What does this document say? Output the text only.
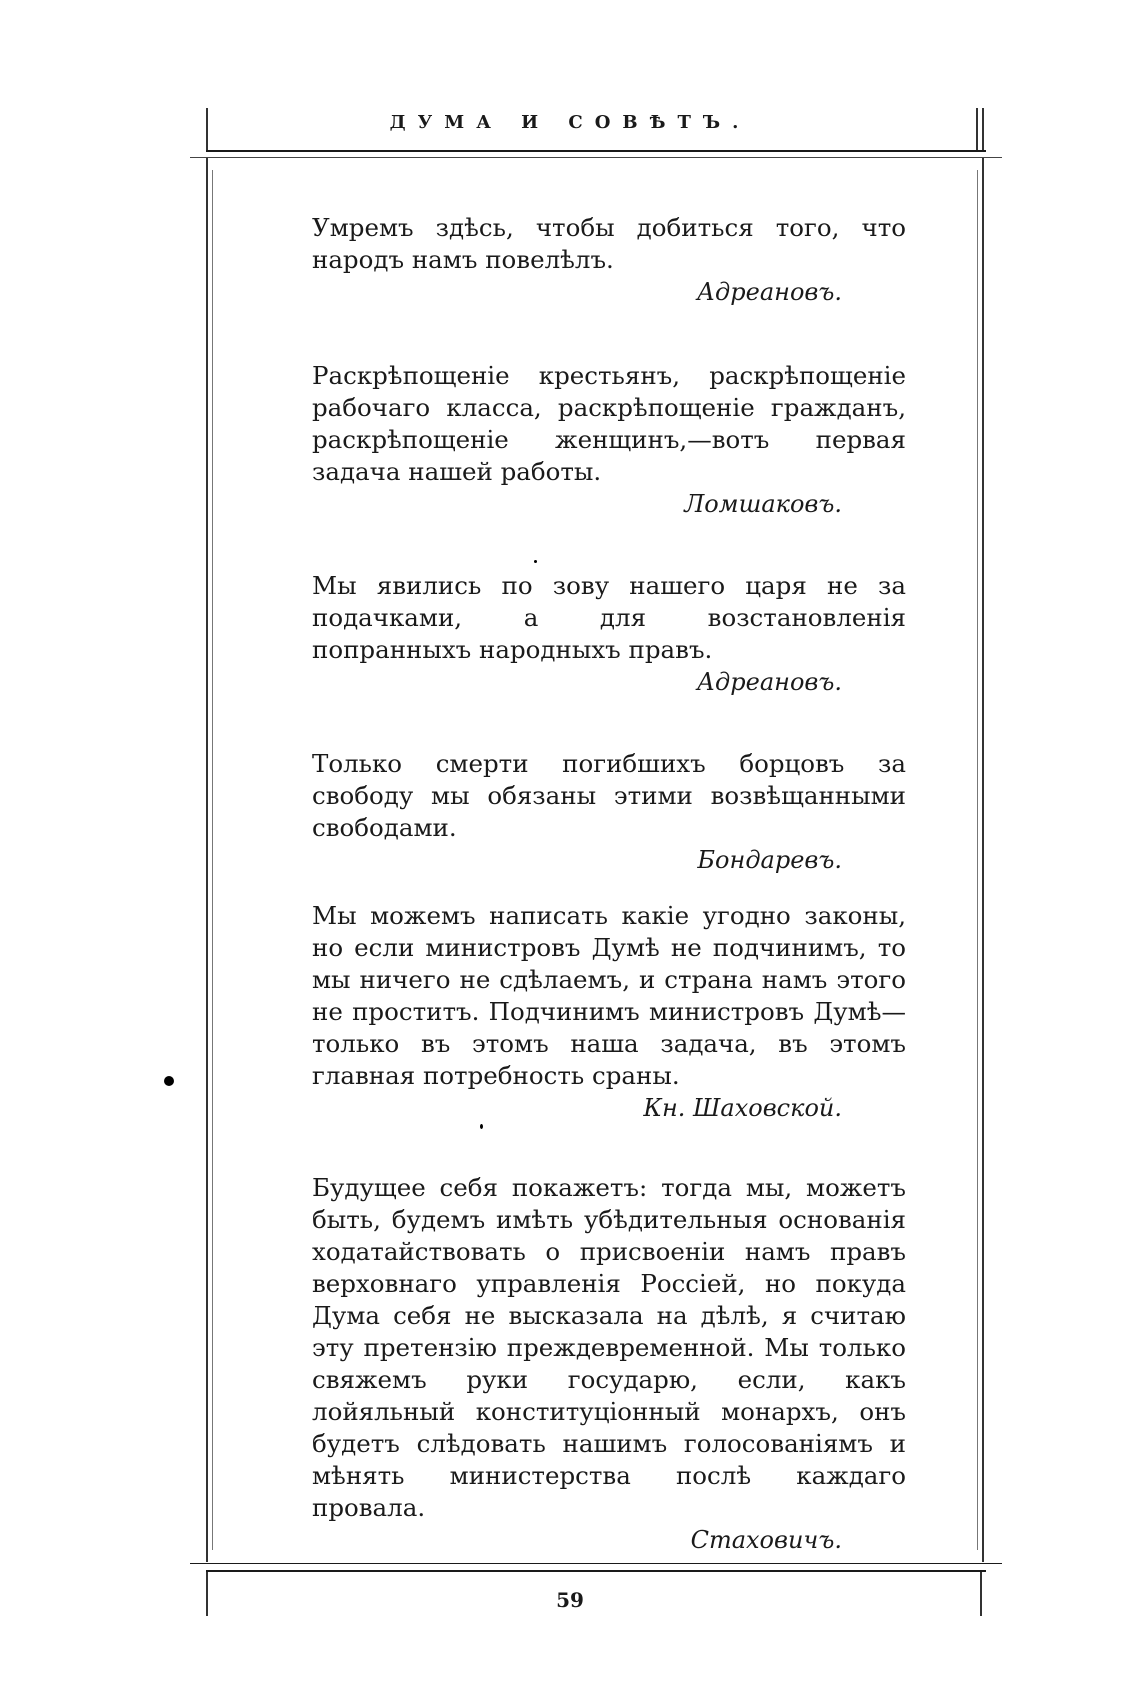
ДУМА И СОВѢТЪ.
Умремъ здѣсь, чтобы добиться того, что народъ намъ повелѣлъ.
Адреановъ.
Раскрѣпощеніе крестьянъ, раскрѣпощеніе рабочаго класса, раскрѣпощеніе гражданъ, раскрѣпощеніе женщинъ,—вотъ первая задача нашей работы.
Ломшаковъ.
Мы явились по зову нашего царя не за подачками, а для возстановленія попранныхъ народныхъ правъ.
Адреановъ.
Только смерти погибшихъ борцовъ за свободу мы обязаны этими возвѣщанными свободами.
Бондаревъ.
Мы можемъ написать какіе угодно законы, но если министровъ Думѣ не подчинимъ, то мы ничего не сдѣлаемъ, и страна намъ этого не проститъ. Подчинимъ министровъ Думѣ—только въ этомъ наша задача, въ этомъ главная потребность сраны.
Кн. Шаховской.
Будущее себя покажетъ: тогда мы, можетъ быть, будемъ имѣть убѣдительныя основанія ходатайствовать о присвоеніи намъ правъ верховнаго управленія Россіей, но покуда Дума себя не высказала на дѣлѣ, я считаю эту претензію преждевременной. Мы только свяжемъ руки государю, если, какъ лойяльный конституціонный монархъ, онъ будетъ слѣдовать нашимъ голосованіямъ и мѣнять министерства послѣ каждаго провала.
Стаховичъ.
59
